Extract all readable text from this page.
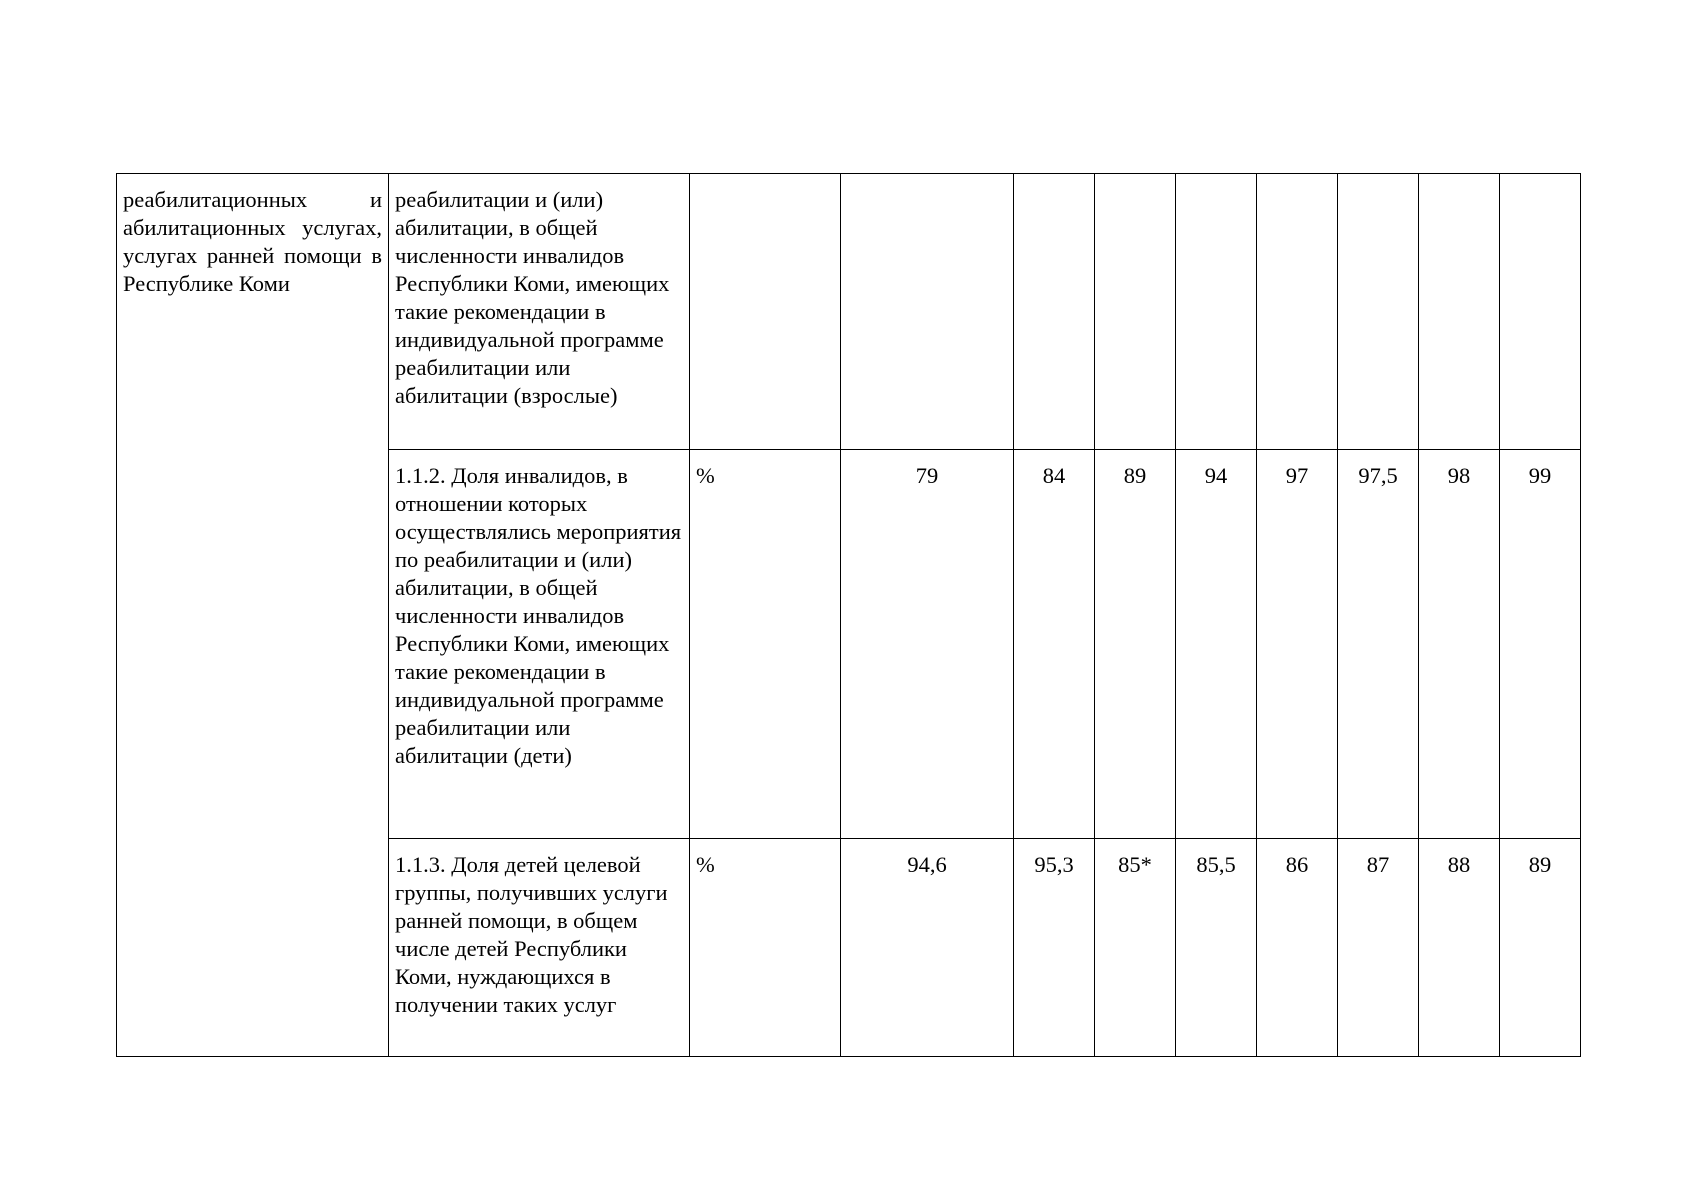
реабилитационных и абилитационных услугах, услугах ранней помощи в Республике Коми	реабилитации и (или) абилитации, в общей численности инвалидов Республики Коми, имеющих такие рекомендации в индивидуальной программе реабилитации или абилитации (взрослые)									
	1.1.2. Доля инвалидов, в отношении которых осуществлялись мероприятия по реабилитации и (или) абилитации, в общей численности инвалидов Республики Коми, имеющих такие рекомендации в индивидуальной программе реабилитации или абилитации (дети)	%	79	84	89	94	97	97,5	98	99
	1.1.3. Доля детей целевой группы, получивших услуги ранней помощи, в общем числе детей Республики Коми, нуждающихся в получении таких услуг	%	94,6	95,3	85*	85,5	86	87	88	89
